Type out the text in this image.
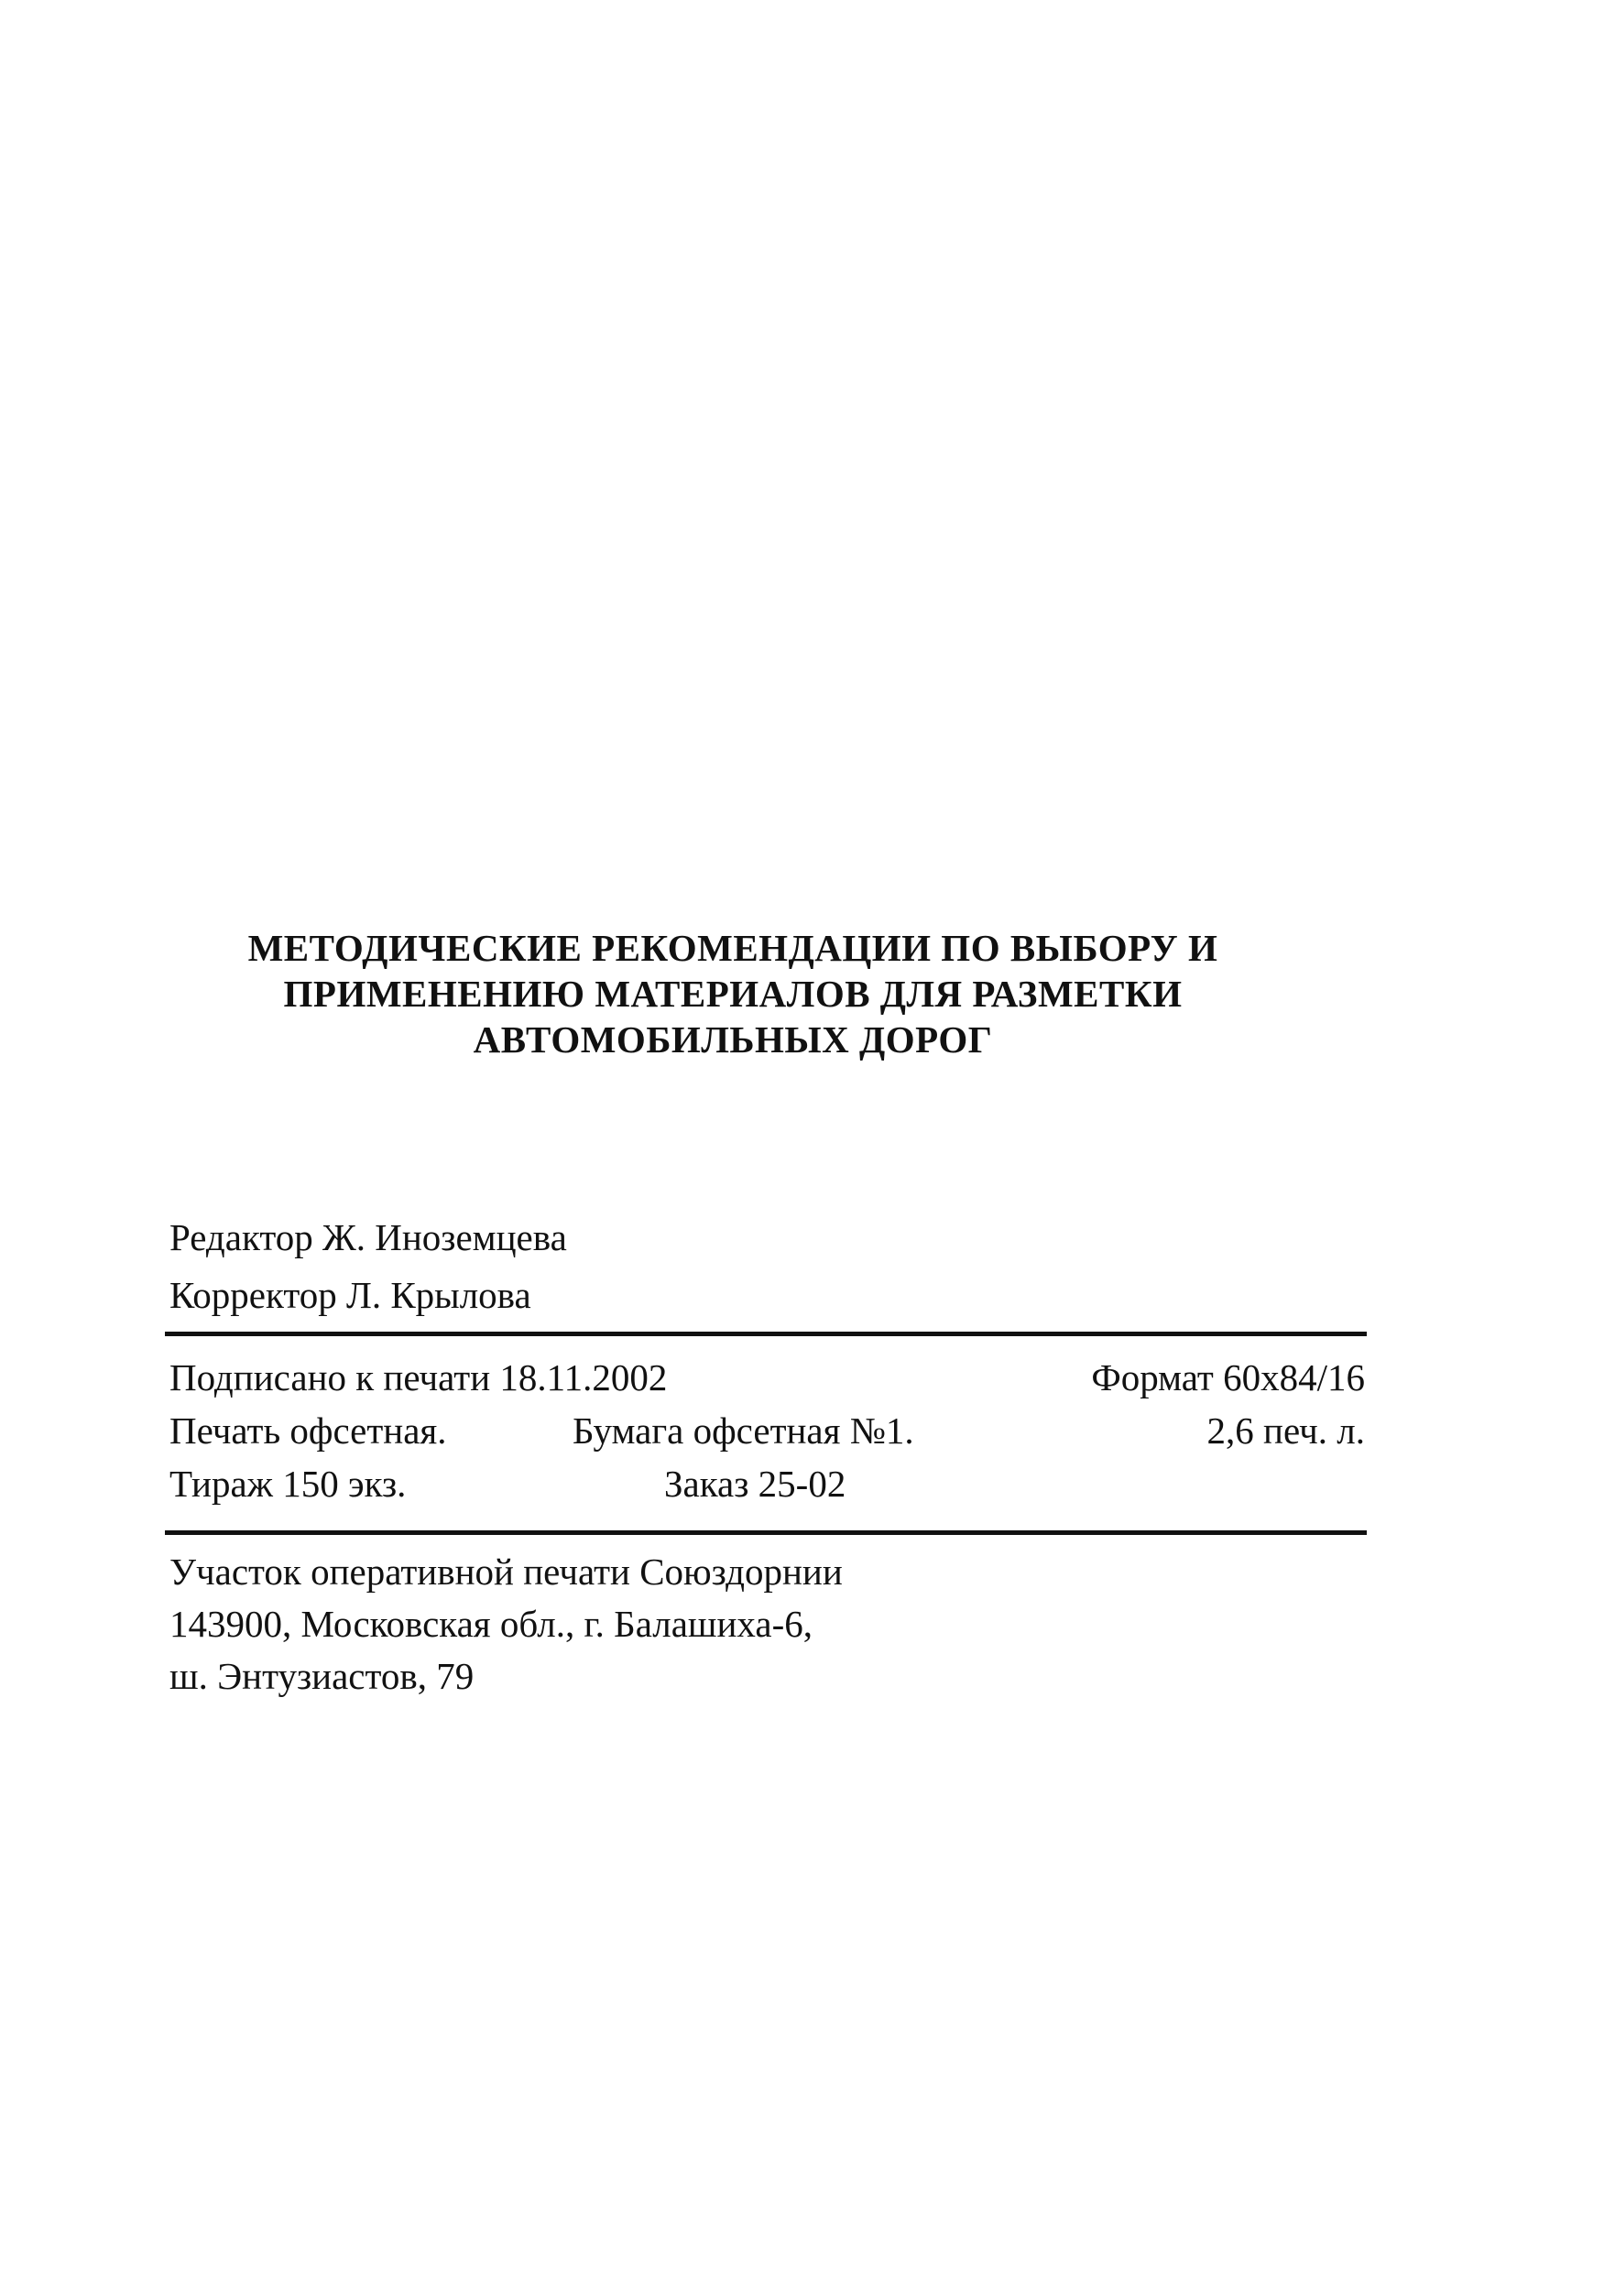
МЕТОДИЧЕСКИЕ РЕКОМЕНДАЦИИ ПО ВЫБОРУ И
ПРИМЕНЕНИЮ МАТЕРИАЛОВ ДЛЯ РАЗМЕТКИ
АВТОМОБИЛЬНЫХ ДОРОГ
Редактор Ж. Иноземцева
Корректор Л. Крылова
Подписано к печати 18.11.2002	Формат 60х84/16
Печать офсетная.	Бумага офсетная №1.	2,6 печ. л.
Тираж 150 экз.	Заказ 25-02
Участок оперативной печати Союздорнии
143900, Московская обл., г. Балашиха-6,
ш. Энтузиастов, 79
